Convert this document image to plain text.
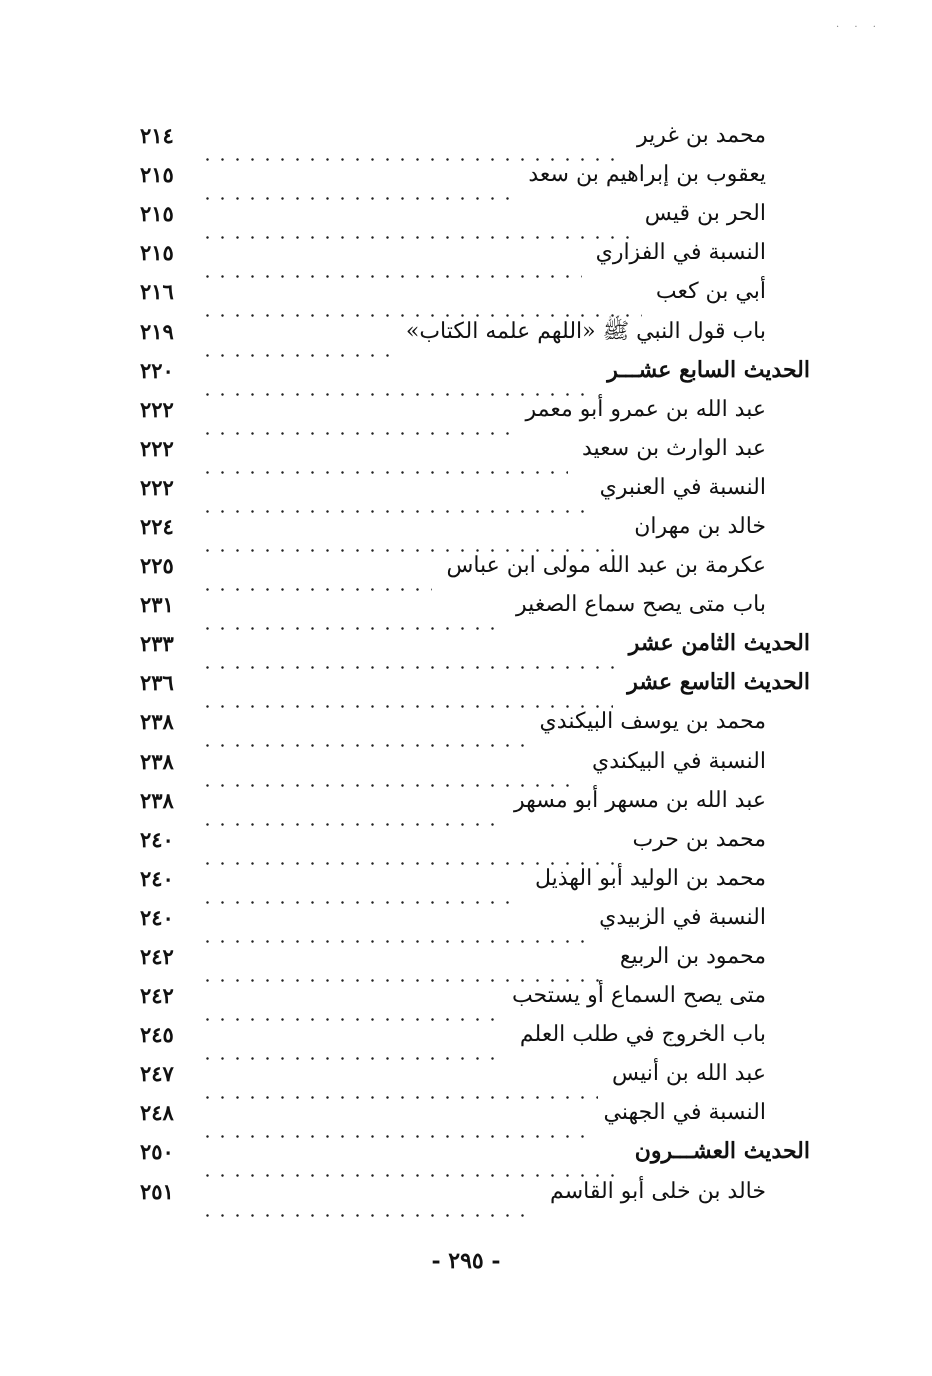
· · ·
محمد بن غرير
٢١٤
يعقوب بن إبراهيم بن سعد
٢١٥
الحر بن قيس
٢١٥
النسبة في الفزاري
٢١٥
أبي بن كعب
٢١٦
باب قول النبي ﷺ «اللهم علمه الكتاب»
٢١٩
الحديث السابع عشـــر
٢٢٠
عبد الله بن عمرو أبو معمر
٢٢٢
عبد الوارث بن سعيد
٢٢٢
النسبة في العنبري
٢٢٢
خالد بن مهران
٢٢٤
عكرمة بن عبد الله مولى ابن عباس
٢٢٥
باب متى يصح سماع الصغير
٢٣١
الحديث الثامن عشر
٢٣٣
الحديث التاسع عشر
٢٣٦
محمد بن يوسف البيكندي
٢٣٨
النسبة في البيكندي
٢٣٨
عبد الله بن مسهر أبو مسهر
٢٣٨
محمد بن حرب
٢٤٠
محمد بن الوليد أبو الهذيل
٢٤٠
النسبة في الزبيدي
٢٤٠
محمود بن الربيع
٢٤٢
متى يصح السماع أو يستحب
٢٤٢
باب الخروج في طلب العلم
٢٤٥
عبد الله بن أنيس
٢٤٧
النسبة في الجهني
٢٤٨
الحديث العشـــرون
٢٥٠
خالد بن خلى أبو القاسم
٢٥١
- ٢٩٥ -
